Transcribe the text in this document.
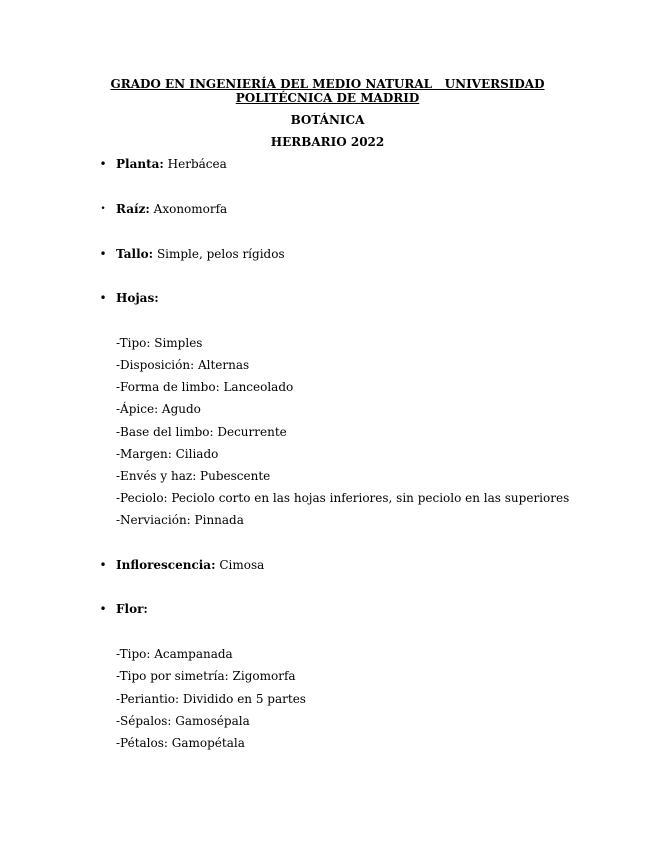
GRADO EN INGENIERÍA DEL MEDIO NATURAL   UNIVERSIDAD
POLITÉCNICA DE MADRID
BOTÁNICA
HERBARIO 2022
• Planta: Herbácea
• Raíz: Axonomorfa
• Tallo: Simple, pelos rígidos
• Hojas:
-Tipo: Simples
-Disposición: Alternas
-Forma de limbo: Lanceolado
-Ápice: Agudo
-Base del limbo: Decurrente
-Margen: Ciliado
-Envés y haz: Pubescente
-Peciolo: Peciolo corto en las hojas inferiores, sin peciolo en las superiores
-Nerviación: Pinnada
• Inflorescencia: Cimosa
• Flor:
-Tipo: Acampanada
-Tipo por simetría: Zigomorfa
-Periantio: Dividido en 5 partes
-Sépalos: Gamosépala
-Pétalos: Gamopétala
